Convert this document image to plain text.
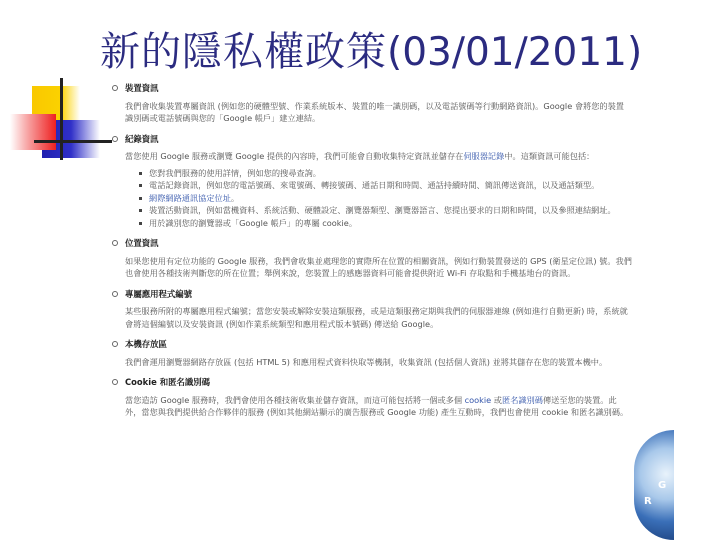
新的隱私權政策(03/01/2011)
裝置資訊
我們會收集裝置專屬資訊 (例如您的硬體型號、作業系統版本、裝置的唯一識別碼，以及電話號碼等行動網路資訊)。Google 會將您的裝置識別碼或電話號碼與您的「Google 帳戶」建立連結。
紀錄資訊
當您使用 Google 服務或瀏覽 Google 提供的內容時，我們可能會自動收集特定資訊並儲存在伺服器記錄中。這類資訊可能包括：
您對我們服務的使用詳情，例如您的搜尋查詢。
電話記錄資訊，例如您的電話號碼、來電號碼、轉接號碼、通話日期和時間、通話持續時間、簡訊傳送資訊，以及通話類型。
網際網路通訊協定位址。
裝置活動資訊，例如當機資料、系統活動、硬體設定、瀏覽器類型、瀏覽器語言、您提出要求的日期和時間，以及參照連結網址。
用於識別您的瀏覽器或「Google 帳戶」的專屬 cookie。
位置資訊
如果您使用有定位功能的 Google 服務，我們會收集並處理您的實際所在位置的相關資訊，例如行動裝置發送的 GPS (衛星定位訊) 號。我們也會使用各種技術判斷您的所在位置；舉例來說，您裝置上的感應器資料可能會提供附近 Wi-Fi 存取點和手機基地台的資訊。
專屬應用程式編號
某些服務所附的專屬應用程式編號；當您安裝或解除安裝這類服務，或是這類服務定期與我們的伺服器連線 (例如進行自動更新) 時，系統就會將這個編號以及安裝資訊 (例如作業系統類型和應用程式版本號碼) 傳送給 Google。
本機存放區
我們會運用瀏覽器網路存放區 (包括 HTML 5) 和應用程式資料快取等機制，收集資訊 (包括個人資訊) 並將其儲存在您的裝置本機中。
Cookie 和匿名識別碼
當您造訪 Google 服務時，我們會使用各種技術收集並儲存資訊，而這可能包括將一個或多個 cookie 或匿名識別碼傳送至您的裝置。此外，當您與我們提供給合作夥伴的服務 (例如其他網站顯示的廣告服務或 Google 功能) 產生互動時，我們也會使用 cookie 和匿名識別碼。
R
G
